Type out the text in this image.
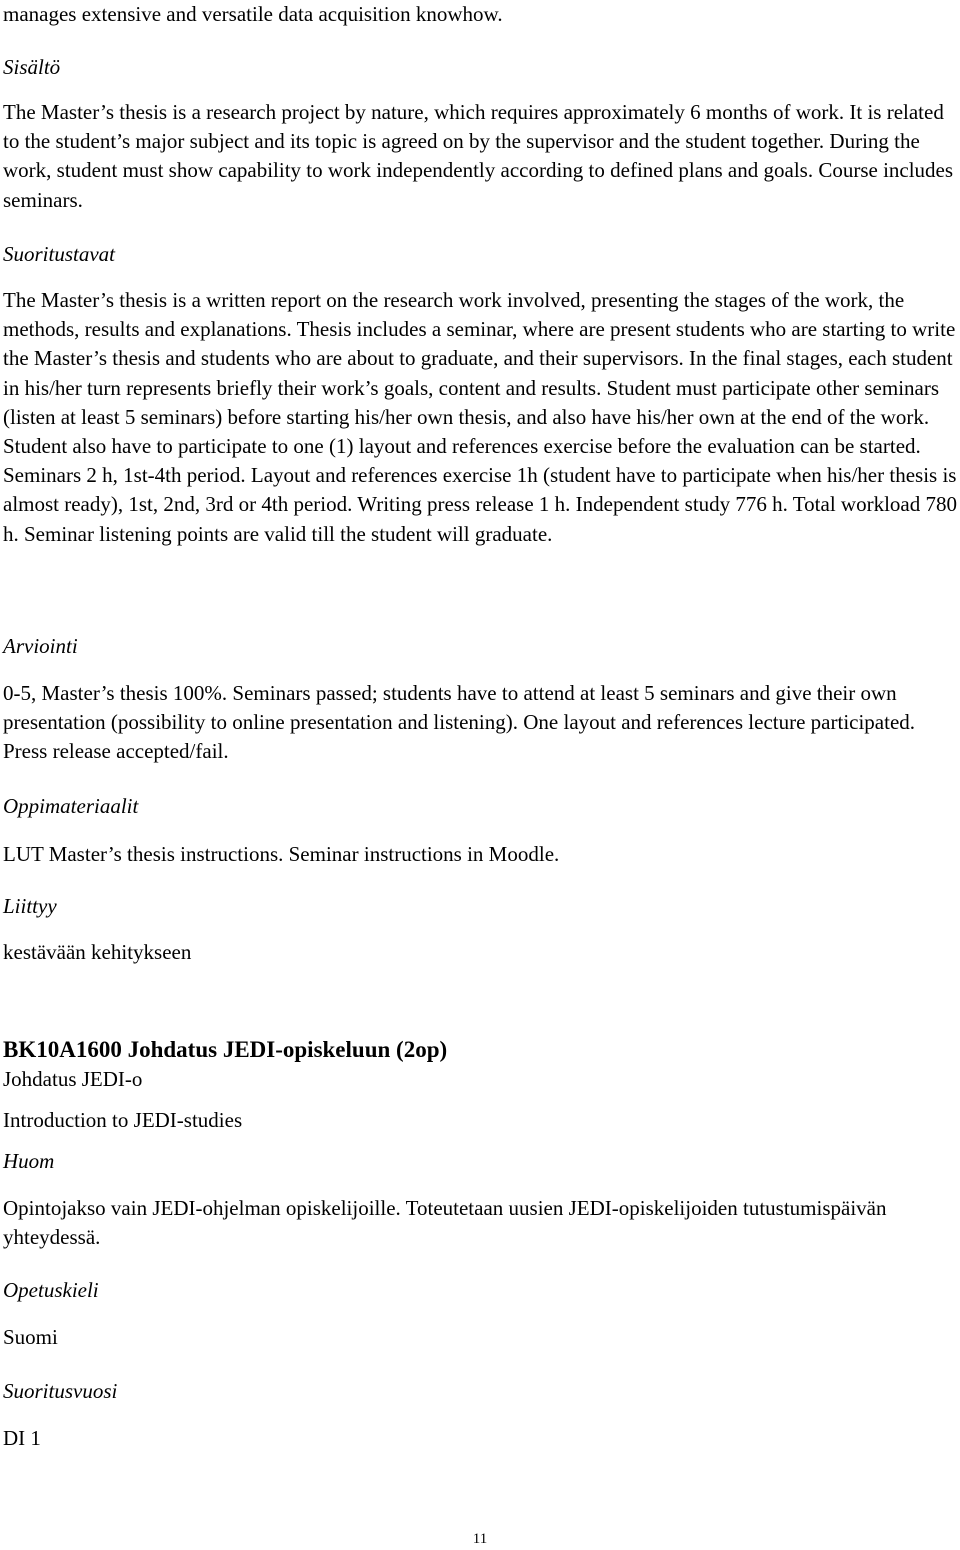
manages extensive and versatile data acquisition knowhow.

Sisältö

The Master’s thesis is a research project by nature, which requires approximately 6 months of work. It is related to the student’s major subject and its topic is agreed on by the supervisor and the student together. During the work, student must show capability to work independently according to defined plans and goals. Course includes seminars.

Suoritustavat

The Master’s thesis is a written report on the research work involved, presenting the stages of the work, the methods, results and explanations. Thesis includes a seminar, where are present students who are starting to write the Master’s thesis and students who are about to graduate, and their supervisors. In the final stages, each student in his/her turn represents briefly their work’s goals, content and results. Student must participate other seminars (listen at least 5 seminars) before starting his/her own thesis, and also have his/her own at the end of the work. Student also have to participate to one (1) layout and references exercise before the evaluation can be started. Seminars 2 h, 1st-4th period. Layout and references exercise 1h (student have to participate when his/her thesis is almost ready), 1st, 2nd, 3rd or 4th period. Writing press release 1 h. Independent study 776 h. Total workload 780 h. Seminar listening points are valid till the student will graduate.

Arviointi

0-5, Master’s thesis 100%. Seminars passed; students have to attend at least 5 seminars and give their own presentation (possibility to online presentation and listening). One layout and references lecture participated. Press release accepted/fail.

Oppimateriaalit

LUT Master’s thesis instructions. Seminar instructions in Moodle.

Liittyy

kestävään kehitykseen

BK10A1600 Johdatus JEDI-opiskeluun (2op)

Johdatus JEDI-o

Introduction to JEDI-studies

Huom

Opintojakso vain JEDI-ohjelman opiskelijoille. Toteutetaan uusien JEDI-opiskelijoiden tutustumispäivän yhteydessä.

Opetuskieli

Suomi

Suoritusvuosi

DI 1

11
